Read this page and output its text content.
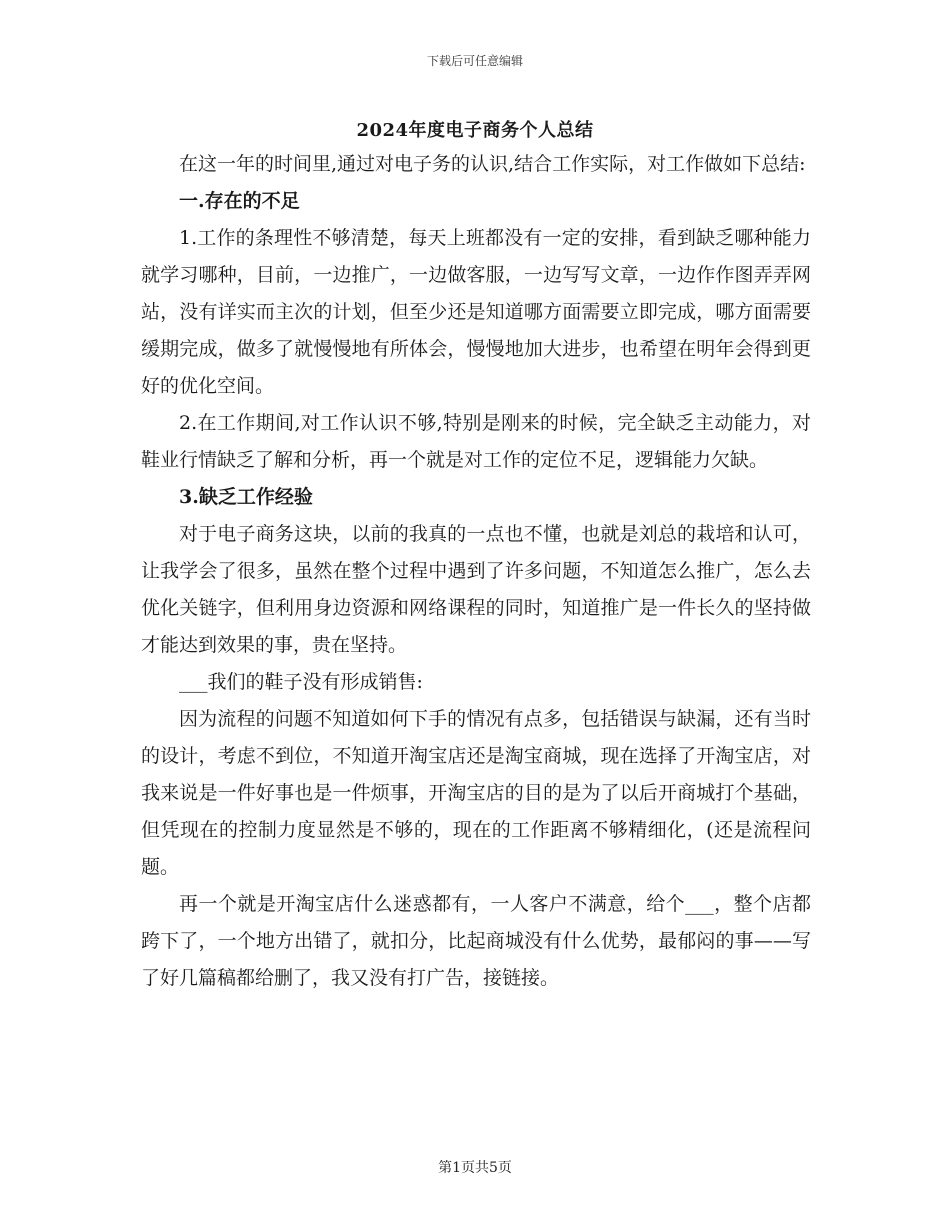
下载后可任意编辑
2024年度电子商务个人总结

在这一年的时间里,通过对电子务的认识,结合工作实际，对工作做如下总结:

一.存在的不足

1.工作的条理性不够清楚，每天上班都没有一定的安排，看到缺乏哪种能力就学习哪种，目前，一边推广，一边做客服，一边写写文章，一边作作图弄弄网站，没有详实而主次的计划，但至少还是知道哪方面需要立即完成，哪方面需要缓期完成，做多了就慢慢地有所体会，慢慢地加大进步，也希望在明年会得到更好的优化空间。

2.在工作期间,对工作认识不够,特别是刚来的时候，完全缺乏主动能力，对鞋业行情缺乏了解和分析，再一个就是对工作的定位不足，逻辑能力欠缺。

3.缺乏工作经验

对于电子商务这块，以前的我真的一点也不懂，也就是刘总的栽培和认可，让我学会了很多，虽然在整个过程中遇到了许多问题，不知道怎么推广，怎么去优化关链字，但利用身边资源和网络课程的同时，知道推广是一件长久的坚持做才能达到效果的事，贵在坚持。

___我们的鞋子没有形成销售:

因为流程的问题不知道如何下手的情况有点多，包括错误与缺漏，还有当时的设计，考虑不到位，不知道开淘宝店还是淘宝商城，现在选择了开淘宝店，对我来说是一件好事也是一件烦事，开淘宝店的目的是为了以后开商城打个基础，但凭现在的控制力度显然是不够的，现在的工作距离不够精细化，(还是流程问题。

再一个就是开淘宝店什么迷惑都有，一人客户不满意，给个___，整个店都跨下了，一个地方出错了，就扣分，比起商城没有什么优势，最郁闷的事——写了好几篇稿都给删了，我又没有打广告，接链接。

第1页共5页
